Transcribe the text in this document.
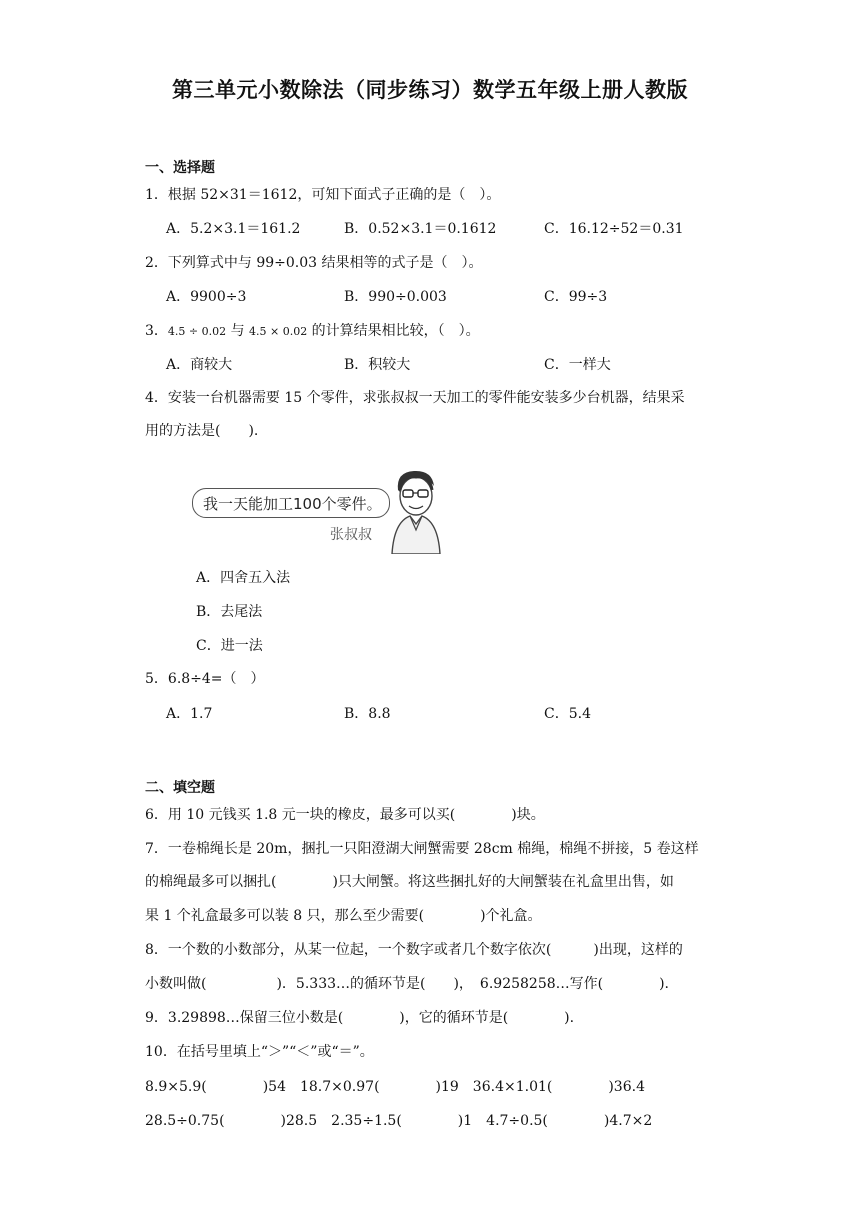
第三单元小数除法（同步练习）数学五年级上册人教版
一、选择题
1．根据 52×31＝1612，可知下面式子正确的是（　）。
A．5.2×3.1＝161.2	B．0.52×3.1＝0.1612	C．16.12÷52＝0.31
2．下列算式中与 99÷0.03 结果相等的式子是（　）。
A．9900÷3	B．990÷0.003	C．99÷3
3．4.5 ÷ 0.02 与 4.5 × 0.02 的计算结果相比较，（　）。
A．商较大	B．积较大	C．一样大
4．安装一台机器需要 15 个零件，求张叔叔一天加工的零件能安装多少台机器，结果采
用的方法是(　　).
我一天能加工100个零件。
张叔叔
A．四舍五入法
B．去尾法
C．进一法
5．6.8÷4=（　）
A．1.7	B．8.8	C．5.4
二、填空题
6．用 10 元钱买 1.8 元一块的橡皮，最多可以买(　　　　)块。
7．一卷棉绳长是 20m，捆扎一只阳澄湖大闸蟹需要 28cm 棉绳，棉绳不拼接，5 卷这样
的棉绳最多可以捆扎(　　　　)只大闸蟹。将这些捆扎好的大闸蟹装在礼盒里出售，如
果 1 个礼盒最多可以装 8 只，那么至少需要(　　　　)个礼盒。
8．一个数的小数部分，从某一位起，一个数字或者几个数字依次(　　　)出现，这样的
小数叫做(　　　　　)．5.333…的循环节是(　　)，　6.9258258…写作(　　　　).
9．3.29898…保留三位小数是(　　　　)，它的循环节是(　　　　).
10．在括号里填上“＞”“＜”或“＝”。
8.9×5.9(　　　　)54　18.7×0.97(　　　　)19　36.4×1.01(　　　　)36.4
28.5÷0.75(　　　　)28.5　2.35÷1.5(　　　　)1　4.7÷0.5(　　　　)4.7×2
